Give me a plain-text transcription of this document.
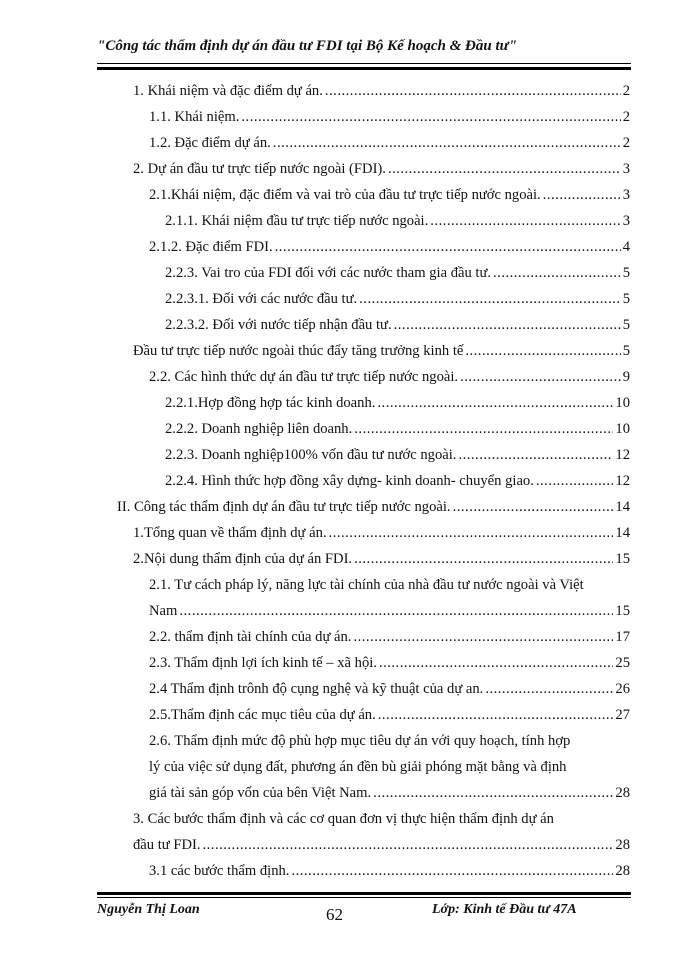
"Công tác thẩm định dự án đầu tư FDI tại Bộ Kế hoạch & Đầu tư"
1. Khái niệm và đặc điểm dự án. .....	2
1.1. Khái niệm. .....	2
1.2. Đặc điểm dự án. .....	2
2. Dự án đầu tư trực tiếp nước ngoài (FDI). .....	3
2.1.Khái niệm, đặc điểm và vai trò của đầu tư trực tiếp nước ngoài. .....	3
2.1.1. Khái niệm đầu tư trực tiếp nước ngoài. .....	3
2.1.2. Đặc điểm FDI. .....	4
2.2.3. Vai tro của FDI đối với các nước tham gia đầu tư. .....	5
2.2.3.1. Đối với các nước đầu tư. .....	5
2.2.3.2. Đối với nước tiếp nhận đầu tư. .....	5
Đầu tư trực tiếp nước ngoài thúc đẩy tăng trưởng kinh tế .....	5
2.2. Các hình thức dự án đầu tư trực tiếp nước ngoài. .....	9
2.2.1.Hợp đồng hợp tác kinh doanh. .....	10
2.2.2. Doanh nghiệp liên doanh. .....	10
2.2.3. Doanh nghiệp100% vốn đầu tư nước ngoài. .....	12
2.2.4. Hình thức hợp đồng xây dựng- kinh doanh- chuyển giao. .....	12
II. Công tác thẩm định dự án đầu tư trực tiếp nước ngoài. .....	14
1.Tổng quan về thẩm định dự án. .....	14
2.Nội dung thẩm định của dự án FDI. .....	15
2.1. Tư cách pháp lý, năng lực tài chính của nhà đầu tư nước ngoài và Việt
Nam .....	15
2.2. thẩm định tài chính của dự án. .....	17
2.3. Thẩm định lợi ích kinh tế – xã hội. .....	25
2.4 Thẩm định trônh độ cụng nghệ và kỹ thuật của dự an. .....	26
2.5.Thẩm định các mục tiêu của dự án. .....	27
2.6. Thẩm định mức độ phù hợp mục tiêu dự án với quy hoạch, tính hợp
lý của việc sử dụng đất, phương án đền bù giải phóng mặt bằng và định
giá tài sản góp vốn của bên Việt Nam. .....	28
3. Các bước thẩm định và các cơ quan đơn vị thực hiện thẩm định dự án
đầu tư FDI. .....	28
3.1 các bước thẩm định. .....	28
Nguyễn Thị Loan	62	Lớp: Kinh tế Đầu tư 47A
